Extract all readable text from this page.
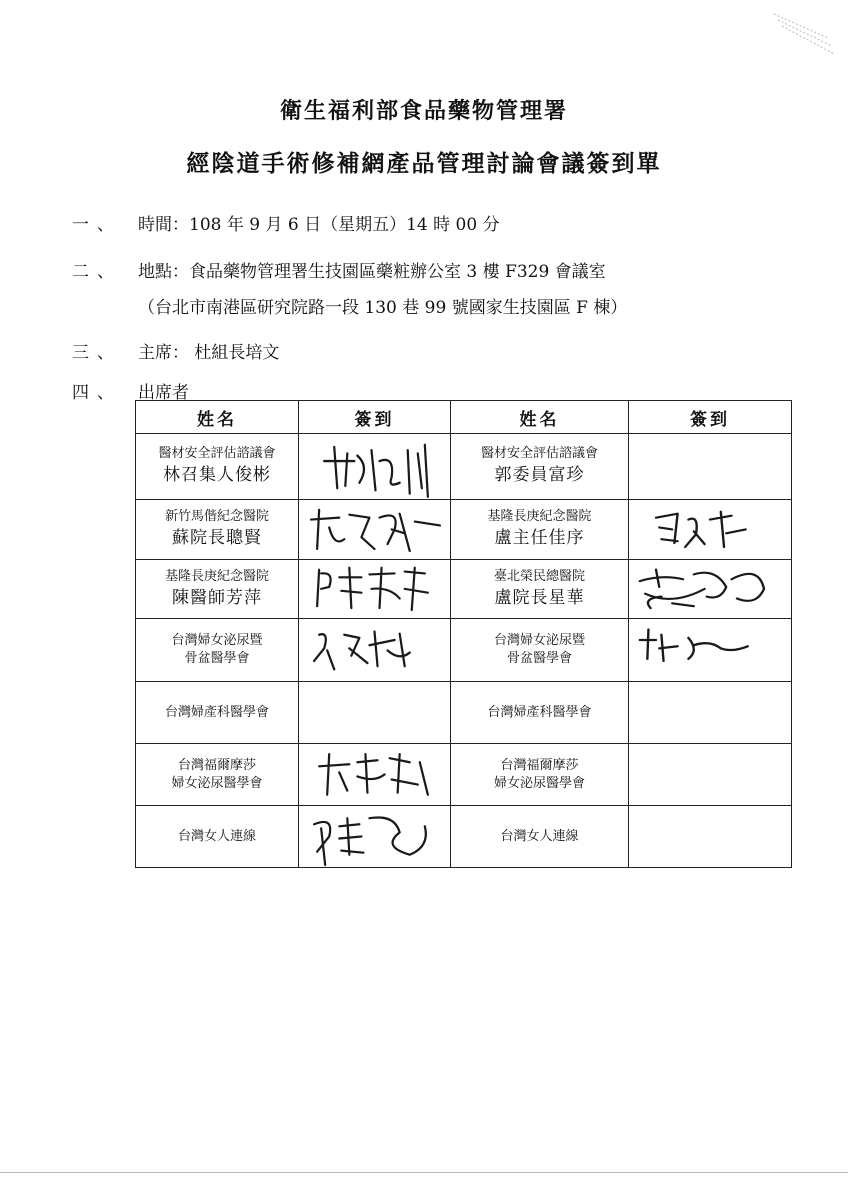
衛生福利部食品藥物管理署
經陰道手術修補網產品管理討論會議簽到單
一、 時間：108 年 9 月 6 日（星期五）14 時 00 分
二、 地點：食品藥物管理署生技園區藥粧辦公室 3 樓 F329 會議室
（台北市南港區研究院路一段 130 巷 99 號國家生技園區 F 棟）
三、 主席： 杜組長培文
四、 出席者
姓名	簽到	姓名	簽到

醫材安全評估諮議會
林召集人俊彬		醫材安全評估諮議會
郭委員富珍	

新竹馬偕紀念醫院
蘇院長聰賢		基隆長庚紀念醫院
盧主任佳序

基隆長庚紀念醫院
陳醫師芳萍		臺北榮民總醫院
盧院長星華

台灣婦女泌尿暨
骨盆醫學會		台灣婦女泌尿暨
骨盆醫學會

台灣婦產科醫學會		台灣婦產科醫學會	

台灣福爾摩莎
婦女泌尿醫學會		台灣福爾摩莎
婦女泌尿醫學會	

台灣女人連線		台灣女人連線	
